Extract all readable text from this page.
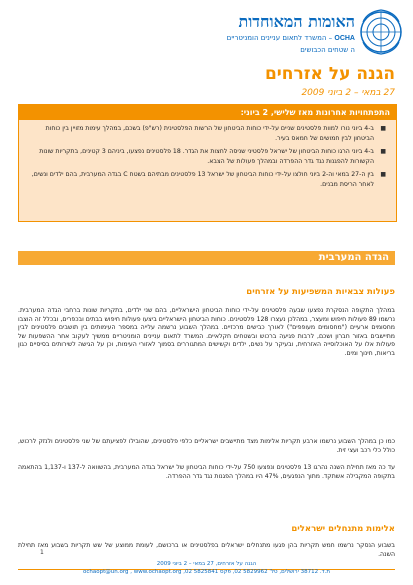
האומות המאוחדות
OCHA – המשרד לתאום עניינים הומניטריים
ה שטחים הכבושים
הגנה על אזרחים
27 במאי – 2 ביוני 2009
התפתחויות אחרונות מאז שלישי, 2 ביוני:
■ ב-4 ביוני נורו למוות פלסטינים שניים על-ידי כוחות הביטחון של הרשות הפלסטינית (רש"פ) בשכם, במהלך עימות מזויין בין כוחות הביטחון לבין חמושים של חמאס בעיר.
■ ב-4 ביוני הרגו כוחות הביטחון של ישראל פלסטיני שניסה לחצות את הגדר. 18 פלסטינים נפצעו, ביניהם 3 קטינים, בתקריות שונות הקשורות להפגנות נגד גדר ההפרדה ובמהלך פעולות של הצבא.
■ בין ה-27 במאי וה-2 ביוני חולצו על-ידי כוחות הביטחון של ישראל 13 פלסטינים מבתיהם בשטח C בגדה המערבית, בהם ילדים ונשים, לאחר הריסת מבנים.
הגדה המערבית
פעולות צבאיות המשפיעות על אזרחים
במהלך התקופה הנסקרת נפצעו שבעה פלסטינים על-ידי כוחות הביטחון הישראליים, בהם שני ילדים, בתקריות שונות ברחבי הגדה המערבית. נרשמו 89 פעולות חיפוש ומעצר, במהלכן נעצרו 128 פלסטינים. כוחות הביטחון הישראליים ביצעו פעולות חיפוש בבתים ובכפרים, ובכלל זה הוצבו מחסומים ארעיים ("מחסומים מעופפים") לאורך כבישים מרכזיים. במהלך השבוע נרשמה עלייה במספר העימותים בין תושבים פלסטינים לבין מתיישבים באזור חברון ושכם, לרבות פגיעה ברכוש ובשטחים חקלאיים. המשרד לתאום עניינים הומניטריים ממשיך לעקוב אחר ההשפעות של פעולות אלו על האוכלוסייה האזרחית, ובעיקר על נשים, ילדים וקשישים המתגוררים בסמוך לאזורי העימות, וכן על הגישה לשירותים בסיסיים כגון בריאות, חינוך ומים.
כמו כן במהלך השבוע נרשמו ארבע תקריות אלימות מצד מתיישבים ישראליים כלפי פלסטינים, שהובילו לפציעתם של שני פלסטינים ולנזק לרכוש, כולל כלי רכב ועצי זית.
עד כה מאז תחילת השנה נהרגו 13 פלסטינים ונפצעו 750 על-ידי כוחות הביטחון של ישראל בגדה המערבית, בהשוואה ל-137 ו-1,137 בהתאמה בתקופה המקבילה אשתקד. מתוך הנפגעים, 47% היו במהלך הפגנות נגד גדר ההפרדה.
אלימות מתנחלים ישראלים
בשבוע הנסקר נרשמו חמש תקריות בהן פגעו מתנחלים ישראלים בפלסטינים או ברכושם, לעומת ממוצע של שש תקריות בשבוע מאז תחילת השנה.
1
הגנה על אזרחים, 27 במאי – 2 ביוני 2009
ת.ד. 38712 ירושלים, טל' 5829962 02, פקס 5825841 02, ochaopt@un.org , www.ochaopt.org
